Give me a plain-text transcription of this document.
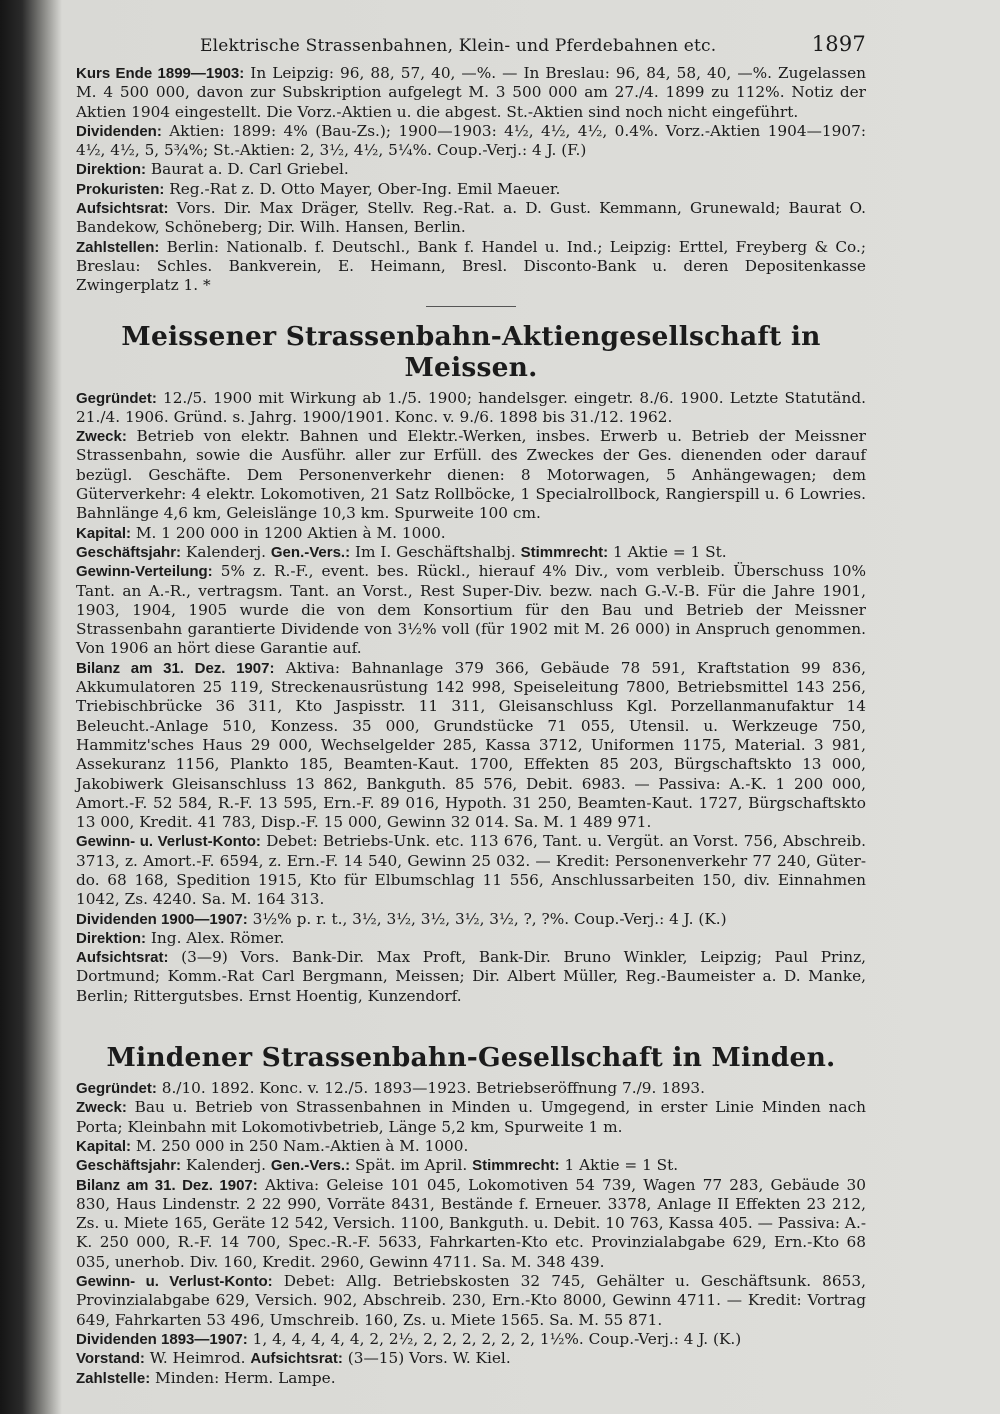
Elektrische Strassenbahnen, Klein- und Pferdebahnen etc.	1897

Kurs Ende 1899—1903: In Leipzig: 96, 88, 57, 40, —%. — In Breslau: 96, 84, 58, 40, —%. Zugelassen M. 4 500 000, davon zur Subskription aufgelegt M. 3 500 000 am 27./4. 1899 zu 112%. Notiz der Aktien 1904 eingestellt. Die Vorz.-Aktien u. die abgest. St.-Aktien sind noch nicht eingeführt.

Dividenden: Aktien: 1899: 4% (Bau-Zs.); 1900—1903: 4½, 4½, 4½, 0.4%. Vorz.-Aktien 1904—1907: 4½, 4½, 5, 5¾%; St.-Aktien: 2, 3½, 4½, 5¼%. Coup.-Verj.: 4 J. (F.)

Direktion: Baurat a. D. Carl Griebel.

Prokuristen: Reg.-Rat z. D. Otto Mayer, Ober-Ing. Emil Maeuer.

Aufsichtsrat: Vors. Dir. Max Dräger, Stellv. Reg.-Rat. a. D. Gust. Kemmann, Grunewald; Baurat O. Bandekow, Schöneberg; Dir. Wilh. Hansen, Berlin.

Zahlstellen: Berlin: Nationalb. f. Deutschl., Bank f. Handel u. Ind.; Leipzig: Erttel, Freyberg & Co.; Breslau: Schles. Bankverein, E. Heimann, Bresl. Disconto-Bank u. deren Depositenkasse Zwingerplatz 1. *

Meissener Strassenbahn-Aktiengesellschaft in Meissen.

Gegründet: 12./5. 1900 mit Wirkung ab 1./5. 1900; handelsger. eingetr. 8./6. 1900. Letzte Statutänd. 21./4. 1906. Gründ. s. Jahrg. 1900/1901. Konc. v. 9./6. 1898 bis 31./12. 1962.

Zweck: Betrieb von elektr. Bahnen und Elektr.-Werken, insbes. Erwerb u. Betrieb der Meissner Strassenbahn, sowie die Ausführ. aller zur Erfüll. des Zweckes der Ges. dienenden oder darauf bezügl. Geschäfte. Dem Personenverkehr dienen: 8 Motorwagen, 5 Anhängewagen; dem Güterverkehr: 4 elektr. Lokomotiven, 21 Satz Rollböcke, 1 Specialrollbock, Rangierspill u. 6 Lowries. Bahnlänge 4,6 km, Geleislänge 10,3 km. Spurweite 100 cm.

Kapital: M. 1 200 000 in 1200 Aktien à M. 1000.

Geschäftsjahr: Kalenderj. Gen.-Vers.: Im I. Geschäftshalbj. Stimmrecht: 1 Aktie = 1 St.

Gewinn-Verteilung: 5% z. R.-F., event. bes. Rückl., hierauf 4% Div., vom verbleib. Überschuss 10% Tant. an A.-R., vertragsm. Tant. an Vorst., Rest Super-Div. bezw. nach G.-V.-B. Für die Jahre 1901, 1903, 1904, 1905 wurde die von dem Konsortium für den Bau und Betrieb der Meissner Strassenbahn garantierte Dividende von 3½% voll (für 1902 mit M. 26 000) in Anspruch genommen. Von 1906 an hört diese Garantie auf.

Bilanz am 31. Dez. 1907: Aktiva: Bahnanlage 379 366, Gebäude 78 591, Kraftstation 99 836, Akkumulatoren 25 119, Streckenausrüstung 142 998, Speiseleitung 7800, Betriebsmittel 143 256, Triebischbrücke 36 311, Kto Jaspisstr. 11 311, Gleisanschluss Kgl. Porzellanmanufaktur 14 Beleucht.-Anlage 510, Konzess. 35 000, Grundstücke 71 055, Utensil. u. Werkzeuge 750, Hammitz'sches Haus 29 000, Wechselgelder 285, Kassa 3712, Uniformen 1175, Material. 3 981, Assekuranz 1156, Plankto 185, Beamten-Kaut. 1700, Effekten 85 203, Bürgschaftskto 13 000, Jakobiwerk Gleisanschluss 13 862, Bankguth. 85 576, Debit. 6983. — Passiva: A.-K. 1 200 000, Amort.-F. 52 584, R.-F. 13 595, Ern.-F. 89 016, Hypoth. 31 250, Beamten-Kaut. 1727, Bürgschaftskto 13 000, Kredit. 41 783, Disp.-F. 15 000, Gewinn 32 014. Sa. M. 1 489 971.

Gewinn- u. Verlust-Konto: Debet: Betriebs-Unk. etc. 113 676, Tant. u. Vergüt. an Vorst. 756, Abschreib. 3713, z. Amort.-F. 6594, z. Ern.-F. 14 540, Gewinn 25 032. — Kredit: Personenverkehr 77 240, Güter- do. 68 168, Spedition 1915, Kto für Elbumschlag 11 556, Anschlussarbeiten 150, div. Einnahmen 1042, Zs. 4240. Sa. M. 164 313.

Dividenden 1900—1907: 3½% p. r. t., 3½, 3½, 3½, 3½, 3½, ?, ?%. Coup.-Verj.: 4 J. (K.)

Direktion: Ing. Alex. Römer.

Aufsichtsrat: (3—9) Vors. Bank-Dir. Max Proft, Bank-Dir. Bruno Winkler, Leipzig; Paul Prinz, Dortmund; Komm.-Rat Carl Bergmann, Meissen; Dir. Albert Müller, Reg.-Baumeister a. D. Manke, Berlin; Rittergutsbes. Ernst Hoentig, Kunzendorf.

Mindener Strassenbahn-Gesellschaft in Minden.

Gegründet: 8./10. 1892. Konc. v. 12./5. 1893—1923. Betriebseröffnung 7./9. 1893.

Zweck: Bau u. Betrieb von Strassenbahnen in Minden u. Umgegend, in erster Linie Minden nach Porta; Kleinbahn mit Lokomotivbetrieb, Länge 5,2 km, Spurweite 1 m.

Kapital: M. 250 000 in 250 Nam.-Aktien à M. 1000.

Geschäftsjahr: Kalenderj. Gen.-Vers.: Spät. im April. Stimmrecht: 1 Aktie = 1 St.

Bilanz am 31. Dez. 1907: Aktiva: Geleise 101 045, Lokomotiven 54 739, Wagen 77 283, Gebäude 30 830, Haus Lindenstr. 2 22 990, Vorräte 8431, Bestände f. Erneuer. 3378, Anlage II Effekten 23 212, Zs. u. Miete 165, Geräte 12 542, Versich. 1100, Bankguth. u. Debit. 10 763, Kassa 405. — Passiva: A.-K. 250 000, R.-F. 14 700, Spec.-R.-F. 5633, Fahrkarten-Kto etc. Provinzialabgabe 629, Ern.-Kto 68 035, unerhob. Div. 160, Kredit. 2960, Gewinn 4711. Sa. M. 348 439.

Gewinn- u. Verlust-Konto: Debet: Allg. Betriebskosten 32 745, Gehälter u. Geschäftsunk. 8653, Provinzialabgabe 629, Versich. 902, Abschreib. 230, Ern.-Kto 8000, Gewinn 4711. — Kredit: Vortrag 649, Fahrkarten 53 496, Umschreib. 160, Zs. u. Miete 1565. Sa. M. 55 871.

Dividenden 1893—1907: 1, 4, 4, 4, 4, 4, 2, 2½, 2, 2, 2, 2, 2, 2, 1½%. Coup.-Verj.: 4 J. (K.)

Vorstand: W. Heimrod. Aufsichtsrat: (3—15) Vors. W. Kiel.

Zahlstelle: Minden: Herm. Lampe.
